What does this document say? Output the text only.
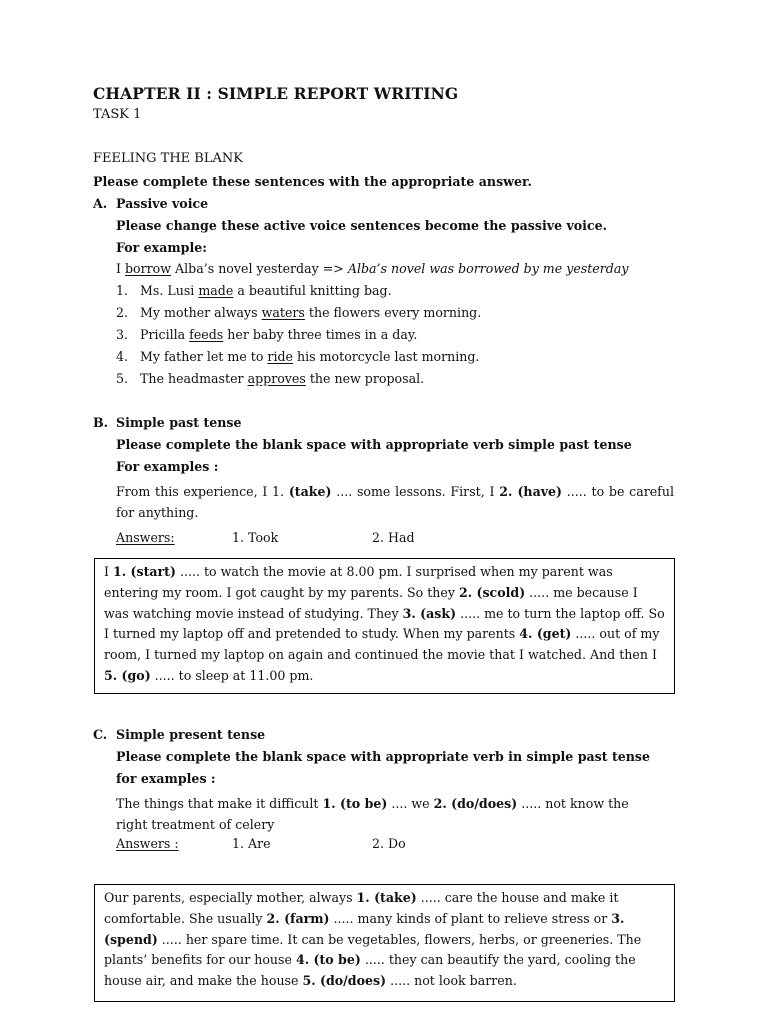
CHAPTER II : SIMPLE REPORT WRITING
TASK 1
FEELING THE BLANK
Please complete these sentences with the appropriate answer.
A. Passive voice
Please change these active voice sentences become the passive voice.
For example:
I borrow Alba’s novel yesterday => Alba’s novel was borrowed by me yesterday
1. Ms. Lusi made a beautiful knitting bag.
2. My mother always waters the flowers every morning.
3. Pricilla feeds her baby three times in a day.
4. My father let me to ride his motorcycle last morning.
5. The headmaster approves the new proposal.
B. Simple past tense
Please complete the blank space with appropriate verb simple past tense
For examples :
From this experience, I 1. (take) .... some lessons. First, I 2. (have) ..... to be careful for anything.
Answers:	1. Took	2. Had
I 1. (start) ..... to watch the movie at 8.00 pm. I surprised when my parent was entering my room. I got caught by my parents. So they 2. (scold) ..... me because I was watching movie instead of studying. They 3. (ask) ..... me to turn the laptop off. So I turned my laptop off and pretended to study. When my parents 4. (get) ..... out of my room, I turned my laptop on again and continued the movie that I watched. And then I 5. (go) ..... to sleep at 11.00 pm.
C. Simple present tense
Please complete the blank space with appropriate verb in simple past tense
for examples :
The things that make it difficult 1. (to be) .... we 2. (do/does) ..... not know the right treatment of celery
Answers :	1. Are	2. Do
Our parents, especially mother, always 1. (take) ..... care the house and make it comfortable. She usually 2. (farm) ..... many kinds of plant to relieve stress or 3. (spend) ..... her spare time. It can be vegetables, flowers, herbs, or greeneries. The plants’ benefits for our house 4. (to be) ..... they can beautify the yard, cooling the house air, and make the house 5. (do/does) ..... not look barren.
